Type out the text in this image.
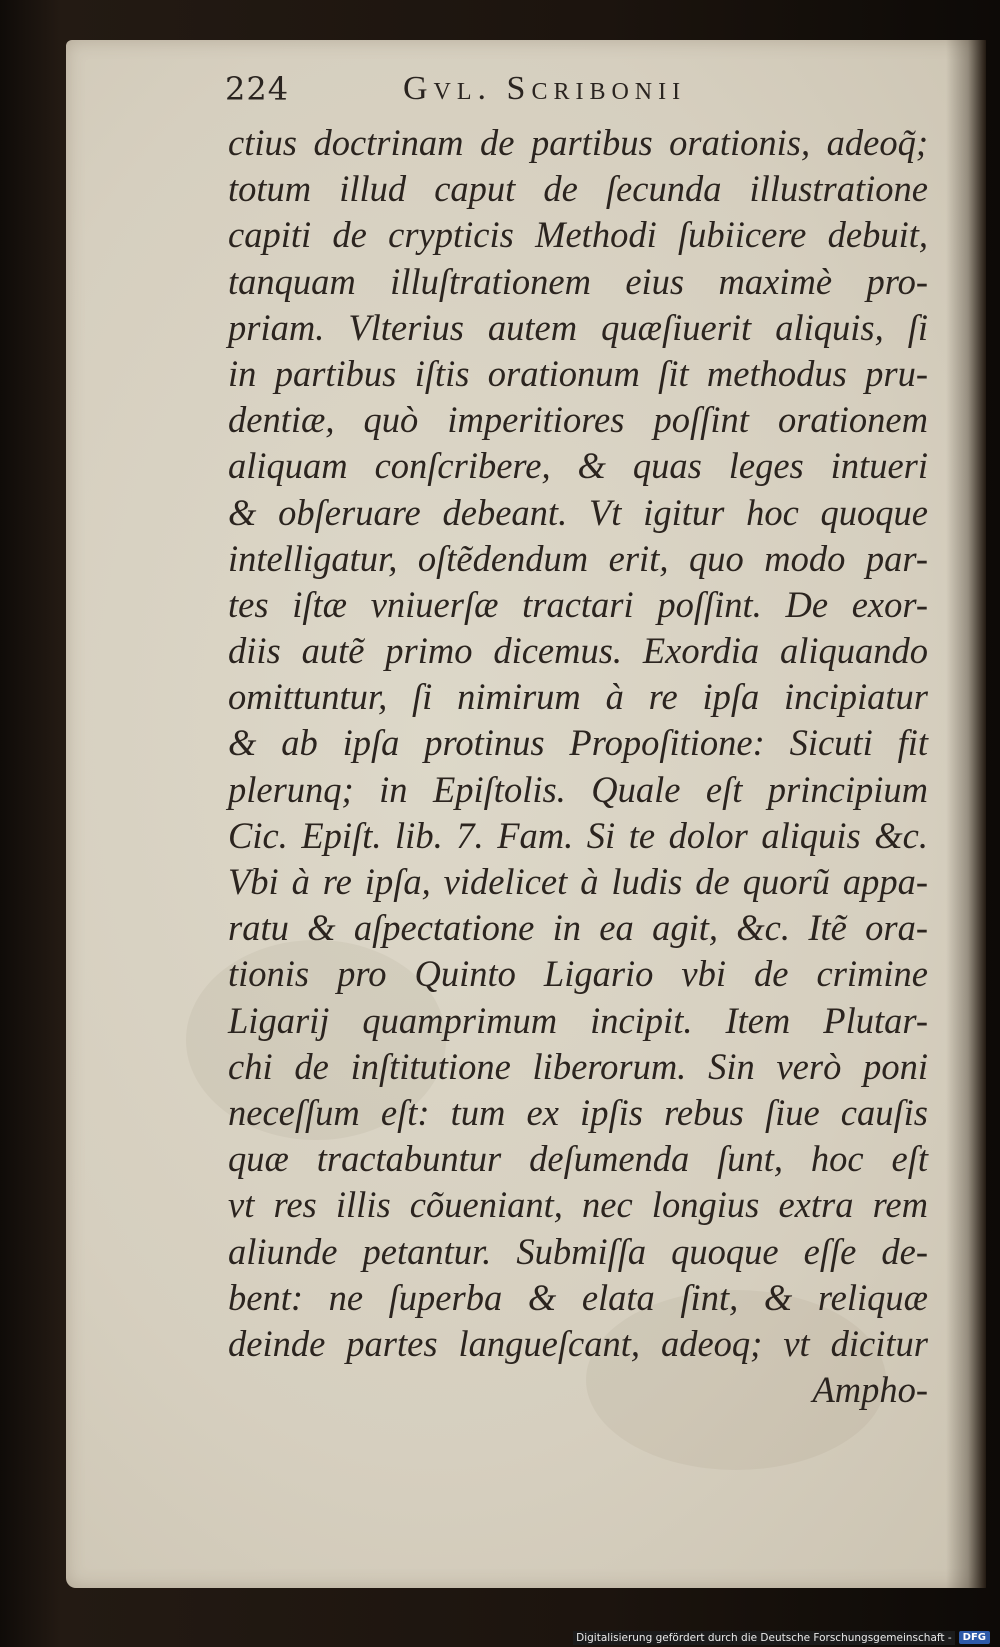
224	Gvl. Scribonii
ctius doctrinam de partibus orationis, adeoq̃;
totum illud caput de ſecunda illustratione
capiti de crypticis Methodi ſubiicere debuit,
tanquam illuſtrationem eius maximè pro-
priam. Vlterius autem quæſiuerit aliquis, ſi
in partibus iſtis orationum ſit methodus pru-
dentiæ, quò imperitiores poſſint orationem
aliquam conſcribere, & quas leges intueri
& obſeruare debeant. Vt igitur hoc quoque
intelligatur, oſtẽdendum erit, quo modo par-
tes iſtæ vniuerſæ tractari poſſint. De exor-
diis autẽ primo dicemus. Exordia aliquando
omittuntur, ſi nimirum à re ipſa incipiatur
& ab ipſa protinus Propoſitione: Sicuti fit
plerunq; in Epiſtolis. Quale eſt principium
Cic. Epiſt. lib. 7. Fam. Si te dolor aliquis &c.
Vbi à re ipſa, videlicet à ludis de quorũ appa-
ratu & aſpectatione in ea agit, &c. Itẽ ora-
tionis pro Quinto Ligario vbi de crimine
Ligarij quamprimum incipit. Item Plutar-
chi de inſtitutione liberorum. Sin verò poni
neceſſum eſt: tum ex ipſis rebus ſiue cauſis
quæ tractabuntur deſumenda ſunt, hoc eſt
vt res illis cõueniant, nec longius extra rem
aliunde petantur. Submiſſa quoque eſſe de-
bent: ne ſuperba & elata ſint, & reliquæ
deinde partes langueſcant, adeoq; vt dicitur
Ampho-
Digitalisierung gefördert durch die Deutsche Forschungsgemeinschaft -	DFG
